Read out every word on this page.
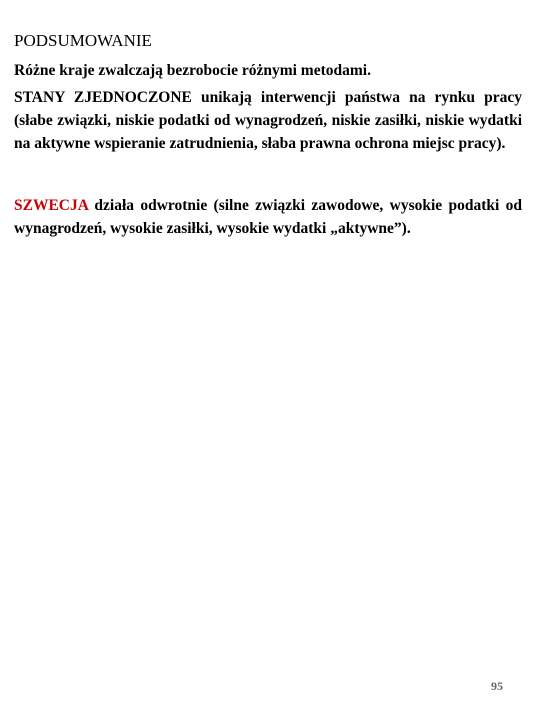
PODSUMOWANIE

Różne kraje zwalczają bezrobocie różnymi metodami.

STANY ZJEDNOCZONE unikają interwencji państwa na rynku pracy (słabe związki, niskie podatki od wynagrodzeń, niskie zasiłki, niskie wydatki na aktywne wspieranie zatrudnienia, słaba prawna ochrona miejsc pracy).

SZWECJA działa odwrotnie (silne związki zawodowe, wysokie podatki od wynagrodzeń, wysokie zasiłki, wysokie wydatki „aktywne”).

95
